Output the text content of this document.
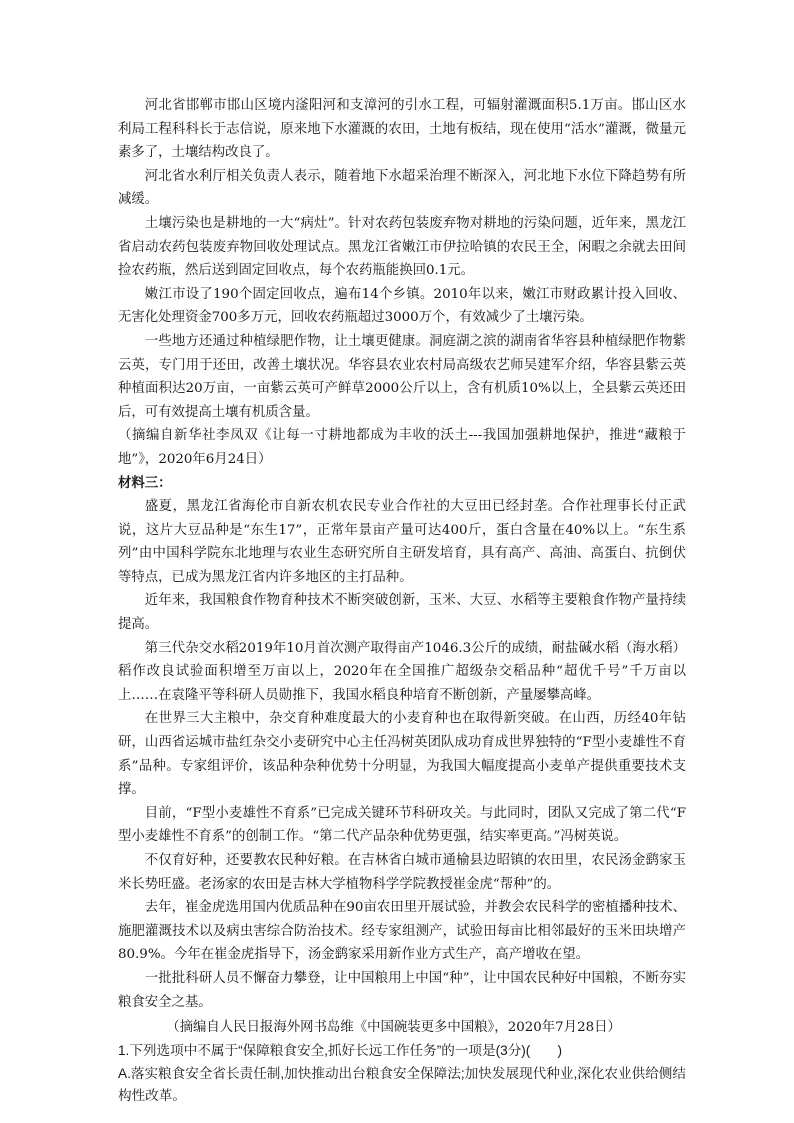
河北省邯郸市邯山区境内滏阳河和支漳河的引水工程，可辐射灌溉面积5.1万亩。邯山区水利局工程科科长于志信说，原来地下水灌溉的农田，土地有板结，现在使用“活水”灌溉，微量元素多了，土壤结构改良了。

河北省水利厅相关负责人表示，随着地下水超采治理不断深入，河北地下水位下降趋势有所减缓。

土壤污染也是耕地的一大“病灶”。针对农药包装废弃物对耕地的污染问题，近年来，黑龙江省启动农药包装废弃物回收处理试点。黑龙江省嫩江市伊拉哈镇的农民王全，闲暇之余就去田间捡农药瓶，然后送到固定回收点，每个农药瓶能换回0.1元。

嫩江市设了190个固定回收点，遍布14个乡镇。2010年以来，嫩江市财政累计投入回收、无害化处理资金700多万元，回收农药瓶超过3000万个，有效减少了土壤污染。

一些地方还通过种植绿肥作物，让土壤更健康。洞庭湖之滨的湖南省华容县种植绿肥作物紫云英，专门用于还田，改善土壤状况。华容县农业农村局高级农艺师吴建军介绍，华容县紫云英种植面积达20万亩，一亩紫云英可产鲜草2000公斤以上，含有机质10%以上，全县紫云英还田后，可有效提高土壤有机质含量。

（摘编自新华社李凤双《让每一寸耕地都成为丰收的沃土---我国加强耕地保护，推进“藏粮于地”》，2020年6月24日）

材料三：

盛夏，黑龙江省海伦市自新农机农民专业合作社的大豆田已经封垄。合作社理事长付正武说，这片大豆品种是“东生17”，正常年景亩产量可达400斤，蛋白含量在40%以上。“东生系列”由中国科学院东北地理与农业生态研究所自主研发培育，具有高产、高油、高蛋白、抗倒伏等特点，已成为黑龙江省内许多地区的主打品种。

近年来，我国粮食作物育种技术不断突破创新，玉米、大豆、水稻等主要粮食作物产量持续提高。

第三代杂交水稻2019年10月首次测产取得亩产1046.3公斤的成绩，耐盐碱水稻（海水稻）稻作改良试验面积增至万亩以上，2020年在全国推广超级杂交稻品种“超优千号”千万亩以上……在袁隆平等科研人员勋推下，我国水稻良种培育不断创新，产量屡攀高峰。

在世界三大主粮中，杂交育种难度最大的小麦育种也在取得新突破。在山西，历经40年钻研，山西省运城市盐红杂交小麦研究中心主任冯树英团队成功育成世界独特的“F型小麦雄性不育系”品种。专家组评价，该品种杂种优势十分明显，为我国大幅度提高小麦单产提供重要技术支撑。

目前，“F型小麦雄性不育系”已完成关键环节科研攻关。与此同时，团队又完成了第二代“F型小麦雄性不育系”的创制工作。“第二代产品杂种优势更强，结实率更高。”冯树英说。

不仅育好种，还要教农民种好粮。在吉林省白城市通榆县边昭镇的农田里，农民汤金鹞家玉米长势旺盛。老汤家的农田是吉林大学植物科学学院教授崔金虎“帮种”的。

去年，崔金虎选用国内优质品种在90亩农田里开展试验，并教会农民科学的密植播种技术、施肥灌溉技术以及病虫害综合防治技术。经专家组测产，试验田每亩比相邻最好的玉米田块增产80.9%。今年在崔金虎指导下，汤金鹞家采用新作业方式生产，高产增收在望。

一批批科研人员不懈奋力攀登，让中国粮用上中国“种”，让中国农民种好中国粮，不断夯实粮食安全之基。

（摘编自人民日报海外网书岛维《中国碗装更多中国粮》，2020年7月28日）

1.下列选项中不属于“保障粮食安全,抓好长远工作任务”的一项是(3分)(　　)

A.落实粮食安全省长责任制,加快推动出台粮食安全保障法;加快发展现代种业,深化农业供给侧结构性改革。
